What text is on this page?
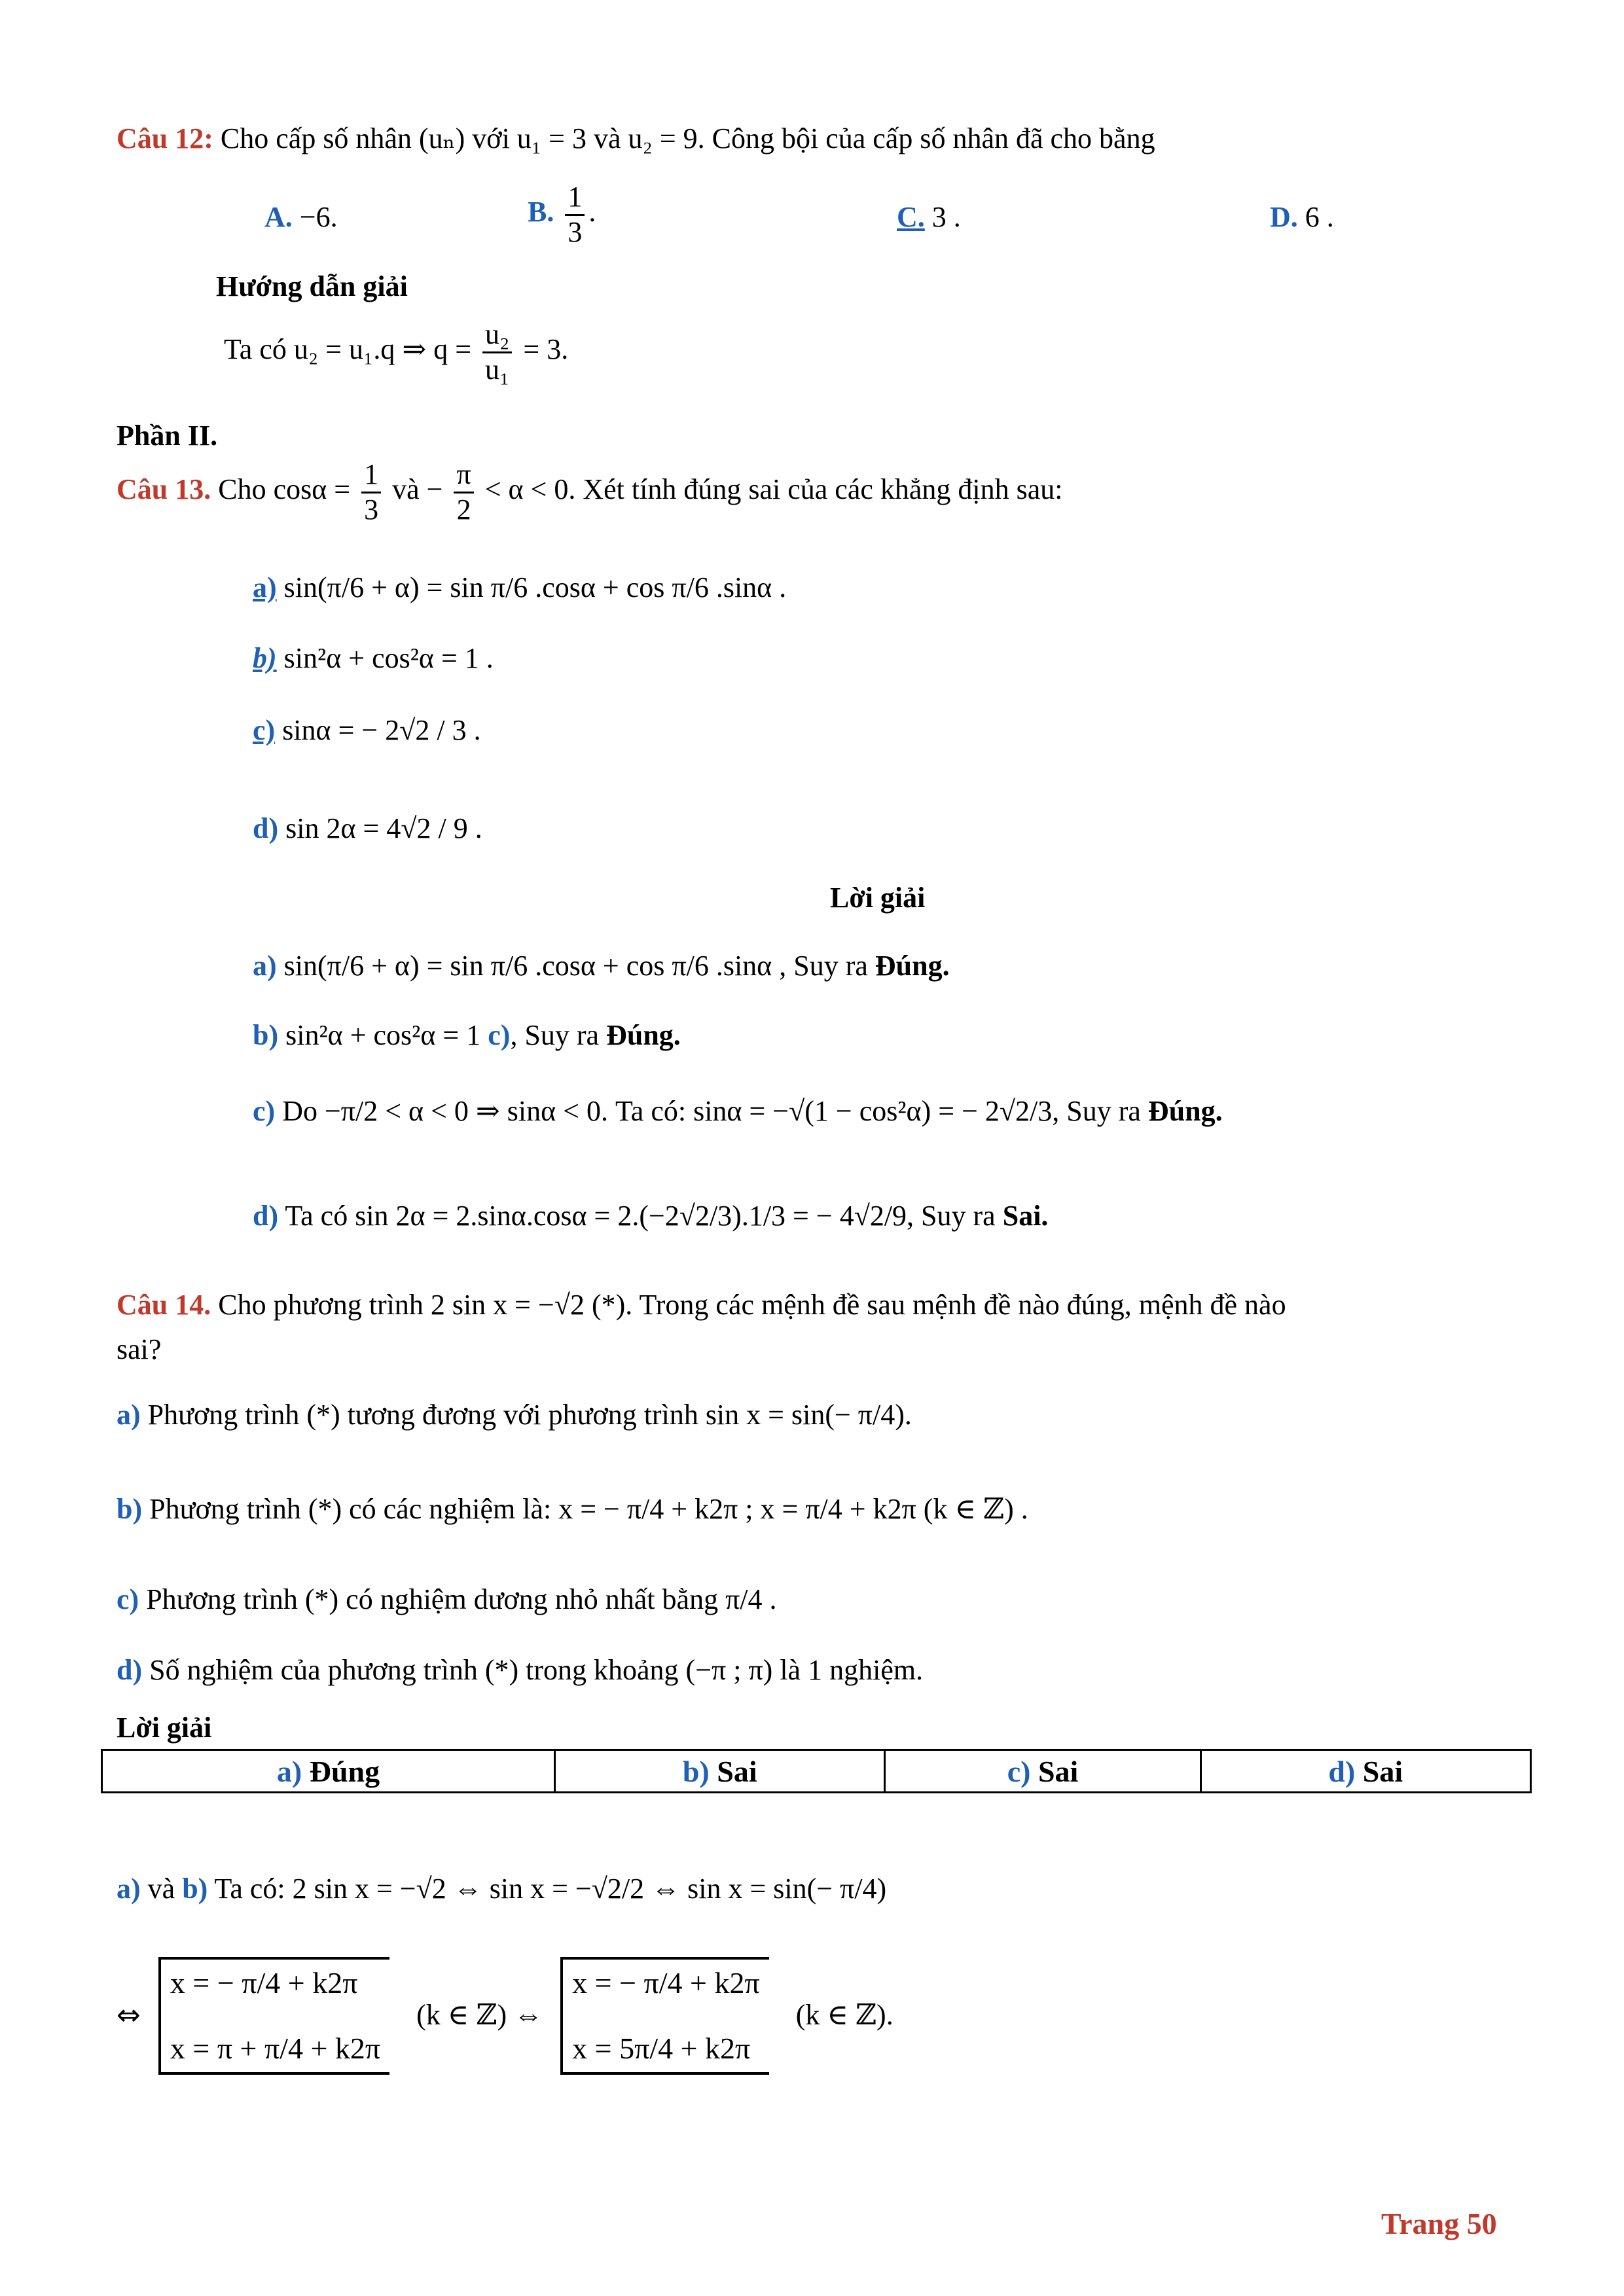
Câu 12: Cho cấp số nhân (uₙ) với u₁ = 3 và u₂ = 9. Công bội của cấp số nhân đã cho bằng
A. −6.	B. $\frac{1}{3}$ .	C. 3 .	D. 6 .
Hướng dẫn giải
Ta có u₂ = u₁.q ⇒ $q = \frac{\text{u₂}}{\text{u₁}} = 3$.
Phần II.
Câu 13. Cho $\cos\alpha = \frac{1}{3}$ và − $\frac{\pi}{2} < \alpha < 0$. Xét tính đúng sai của các khẳng định sau:
a) sin(π/6 + α) = sin π/6 .cosα + cos π/6 .sinα .
b) sin²α + cos²α = 1 .
c) sinα = − 2√2 / 3 .
d) sin 2α = 4√2 / 9 .
Lời giải
a) sin(π/6 + α) = sin π/6 .cosα + cos π/6 .sinα , Suy ra Đúng.
b) sin²α + cos²α = 1 c), Suy ra Đúng.
c) Do −π/2 < α < 0 ⇒ sinα < 0. Ta có: sinα = −√(1 − cos²α) = − 2√2/3, Suy ra Đúng.
d) Ta có sin 2α = 2.sinα.cosα = 2.(−2√2/3).1/3 = − 4√2/9, Suy ra Sai.
Câu 14. Cho phương trình 2 sin x = −√2 (*). Trong các mệnh đề sau mệnh đề nào đúng, mệnh đề nào
sai?
a) Phương trình (*) tương đương với phương trình sin x = sin(− π/4).
b) Phương trình (*) có các nghiệm là: x = − π/4 + k2π ; x = π/4 + k2π (k ∈ ℤ) .
c) Phương trình (*) có nghiệm dương nhỏ nhất bằng π/4 .
d) Số nghiệm của phương trình (*) trong khoảng (−π ; π) là 1 nghiệm.
Lời giải
a) Đúng	b) Sai	c) Sai	d) Sai
a) và b) Ta có: 2 sin x = −√2 ⇔ sin x = −√2/2 ⇔ sin x = sin(− π/4)
⇔
x = − π/4 + k2π
x = π + π/4 + k2π
(k ∈ ℤ) ⇔
x = − π/4 + k2π
x = 5π/4 + k2π
(k ∈ ℤ).
Trang 50
